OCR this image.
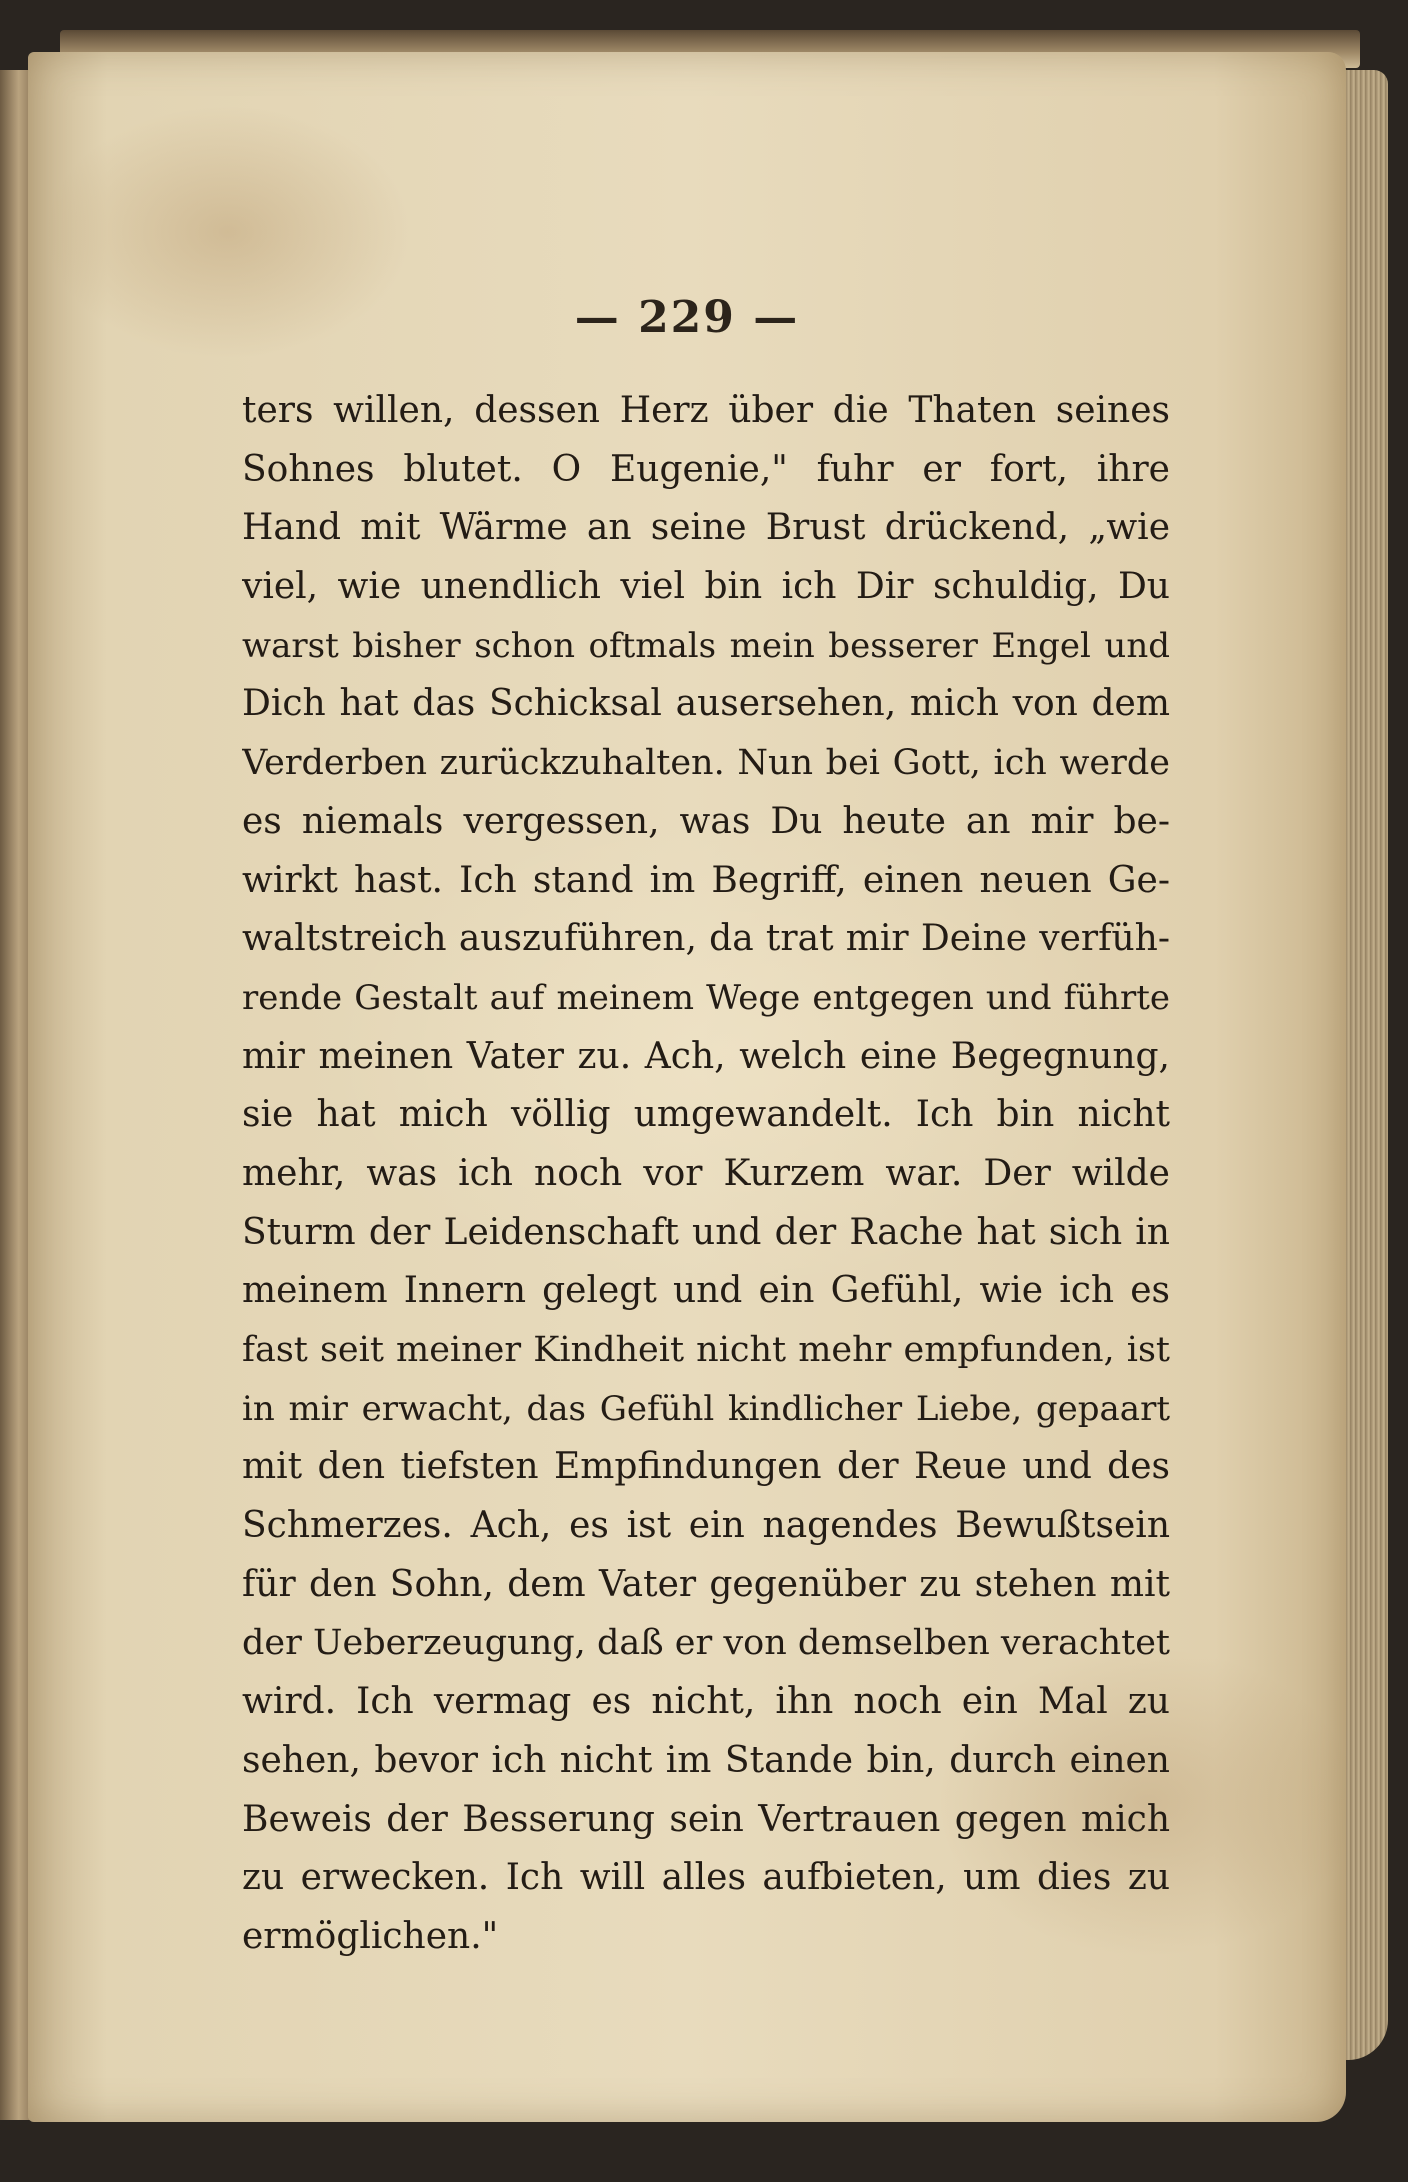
— 229 —
ters willen, dessen Herz über die Thaten seines
Sohnes blutet. O Eugenie," fuhr er fort, ihre
Hand mit Wärme an seine Brust drückend, „wie
viel, wie unendlich viel bin ich Dir schuldig, Du
warst bisher schon oftmals mein besserer Engel und
Dich hat das Schicksal ausersehen, mich von dem
Verderben zurückzuhalten. Nun bei Gott, ich werde
es niemals vergessen, was Du heute an mir be-
wirkt hast. Ich stand im Begriff, einen neuen Ge-
waltstreich auszuführen, da trat mir Deine verfüh-
rende Gestalt auf meinem Wege entgegen und führte
mir meinen Vater zu. Ach, welch eine Begegnung,
sie hat mich völlig umgewandelt. Ich bin nicht
mehr, was ich noch vor Kurzem war. Der wilde
Sturm der Leidenschaft und der Rache hat sich in
meinem Innern gelegt und ein Gefühl, wie ich es
fast seit meiner Kindheit nicht mehr empfunden, ist
in mir erwacht, das Gefühl kindlicher Liebe, gepaart
mit den tiefsten Empfindungen der Reue und des
Schmerzes. Ach, es ist ein nagendes Bewußtsein
für den Sohn, dem Vater gegenüber zu stehen mit
der Ueberzeugung, daß er von demselben verachtet
wird. Ich vermag es nicht, ihn noch ein Mal zu
sehen, bevor ich nicht im Stande bin, durch einen
Beweis der Besserung sein Vertrauen gegen mich
zu erwecken. Ich will alles aufbieten, um dies zu
ermöglichen."
